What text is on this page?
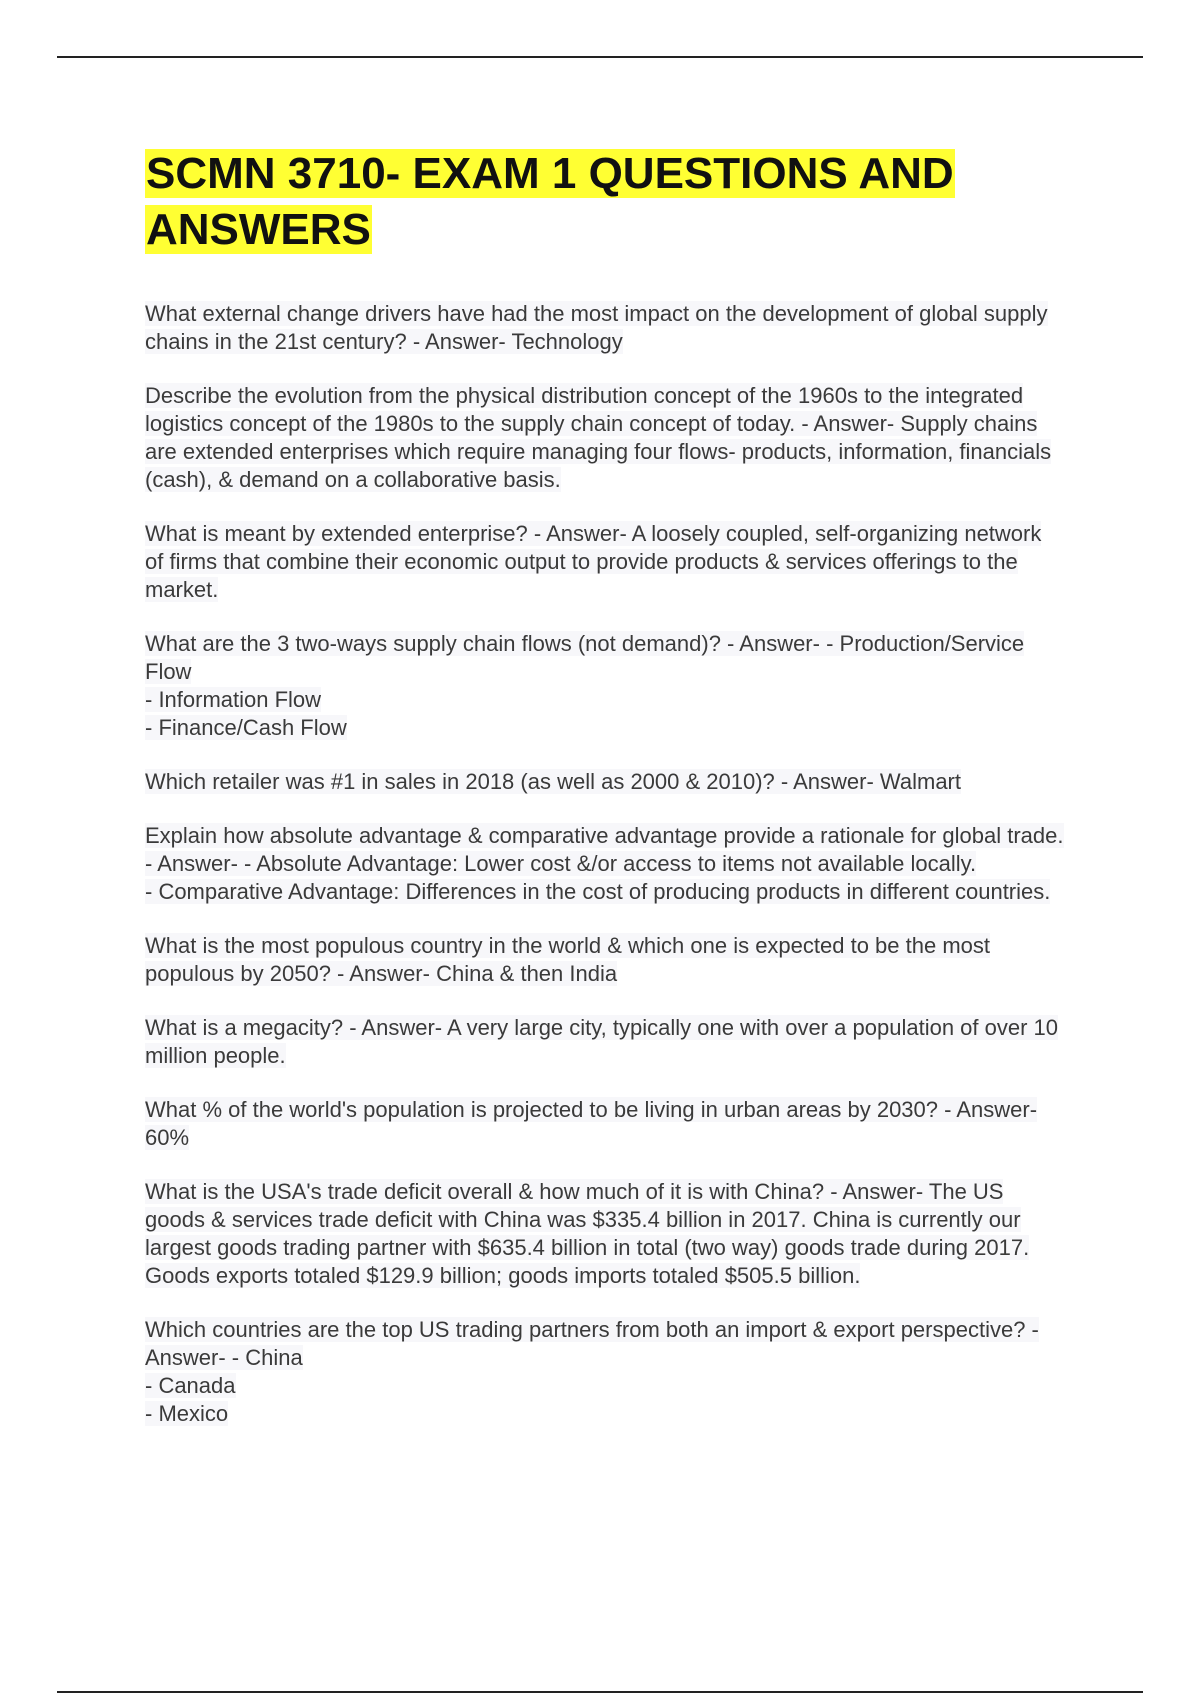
SCMN 3710- EXAM 1 QUESTIONS AND ANSWERS
What external change drivers have had the most impact on the development of global supply chains in the 21st century? - Answer- Technology
Describe the evolution from the physical distribution concept of the 1960s to the integrated logistics concept of the 1980s to the supply chain concept of today. - Answer- Supply chains are extended enterprises which require managing four flows- products, information, financials (cash), & demand on a collaborative basis.
What is meant by extended enterprise? - Answer- A loosely coupled, self-organizing network of firms that combine their economic output to provide products & services offerings to the market.
What are the 3 two-ways supply chain flows (not demand)? - Answer- - Production/Service Flow
- Information Flow
- Finance/Cash Flow
Which retailer was #1 in sales in 2018 (as well as 2000 & 2010)? - Answer- Walmart
Explain how absolute advantage & comparative advantage provide a rationale for global trade. - Answer- - Absolute Advantage: Lower cost &/or access to items not available locally.
- Comparative Advantage: Differences in the cost of producing products in different countries.
What is the most populous country in the world & which one is expected to be the most populous by 2050? - Answer- China & then India
What is a megacity? - Answer- A very large city, typically one with over a population of over 10 million people.
What % of the world's population is projected to be living in urban areas by 2030? - Answer- 60%
What is the USA's trade deficit overall & how much of it is with China? - Answer- The US goods & services trade deficit with China was $335.4 billion in 2017. China is currently our largest goods trading partner with $635.4 billion in total (two way) goods trade during 2017. Goods exports totaled $129.9 billion; goods imports totaled $505.5 billion.
Which countries are the top US trading partners from both an import & export perspective? - Answer- - China
- Canada
- Mexico
